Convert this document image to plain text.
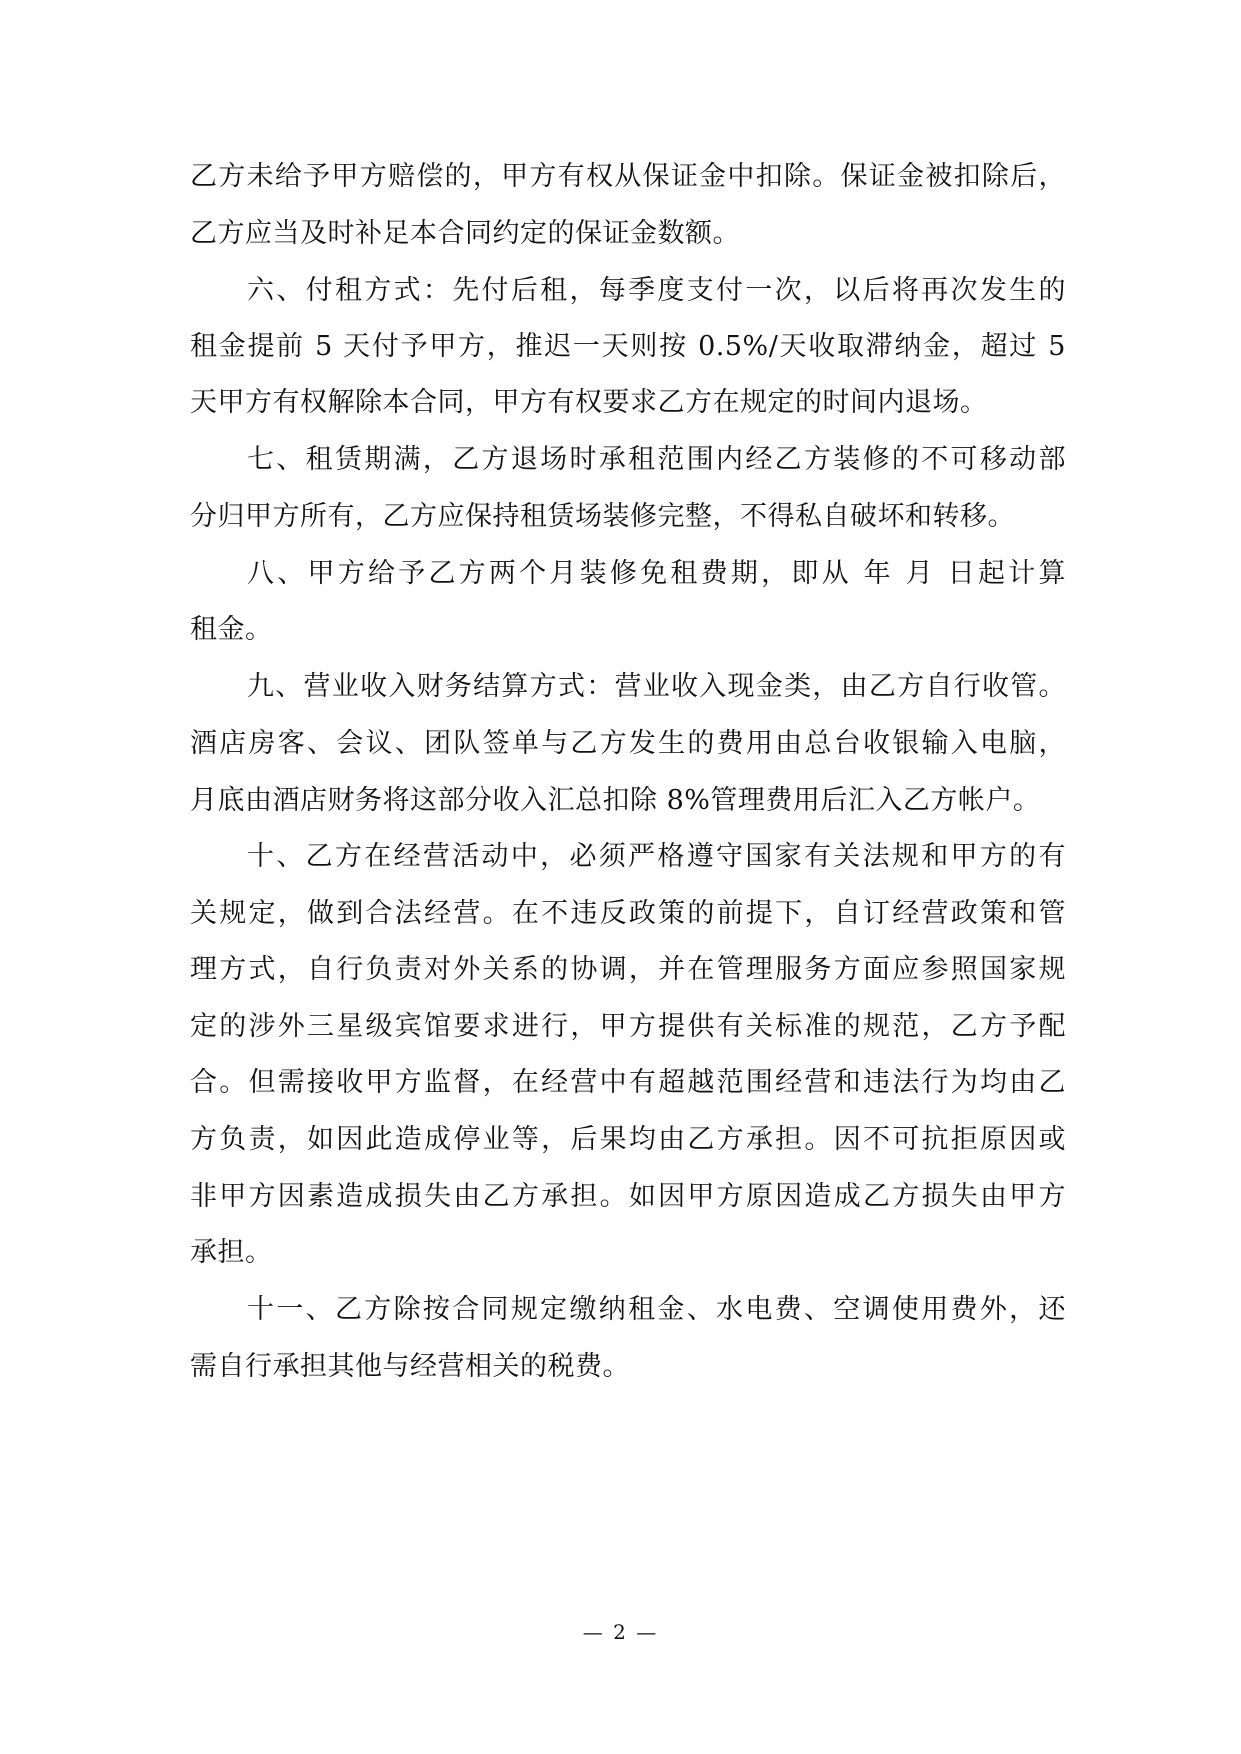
乙方未给予甲方赔偿的，甲方有权从保证金中扣除。保证金被扣除后，
乙方应当及时补足本合同约定的保证金数额。
六、付租方式：先付后租，每季度支付一次，以后将再次发生的
租金提前 5 天付予甲方，推迟一天则按 0.5%/天收取滞纳金，超过 5
天甲方有权解除本合同，甲方有权要求乙方在规定的时间内退场。
七、租赁期满，乙方退场时承租范围内经乙方装修的不可移动部
分归甲方所有，乙方应保持租赁场装修完整，不得私自破坏和转移。
八、甲方给予乙方两个月装修免租费期，即从 年 月 日起计算
租金。
九、营业收入财务结算方式：营业收入现金类，由乙方自行收管。
酒店房客、会议、团队签单与乙方发生的费用由总台收银输入电脑，
月底由酒店财务将这部分收入汇总扣除 8%管理费用后汇入乙方帐户。
十、乙方在经营活动中，必须严格遵守国家有关法规和甲方的有
关规定，做到合法经营。在不违反政策的前提下，自订经营政策和管
理方式，自行负责对外关系的协调，并在管理服务方面应参照国家规
定的涉外三星级宾馆要求进行，甲方提供有关标准的规范，乙方予配
合。但需接收甲方监督，在经营中有超越范围经营和违法行为均由乙
方负责，如因此造成停业等，后果均由乙方承担。因不可抗拒原因或
非甲方因素造成损失由乙方承担。如因甲方原因造成乙方损失由甲方
承担。
十一、乙方除按合同规定缴纳租金、水电费、空调使用费外，还
需自行承担其他与经营相关的税费。
— 2 —
